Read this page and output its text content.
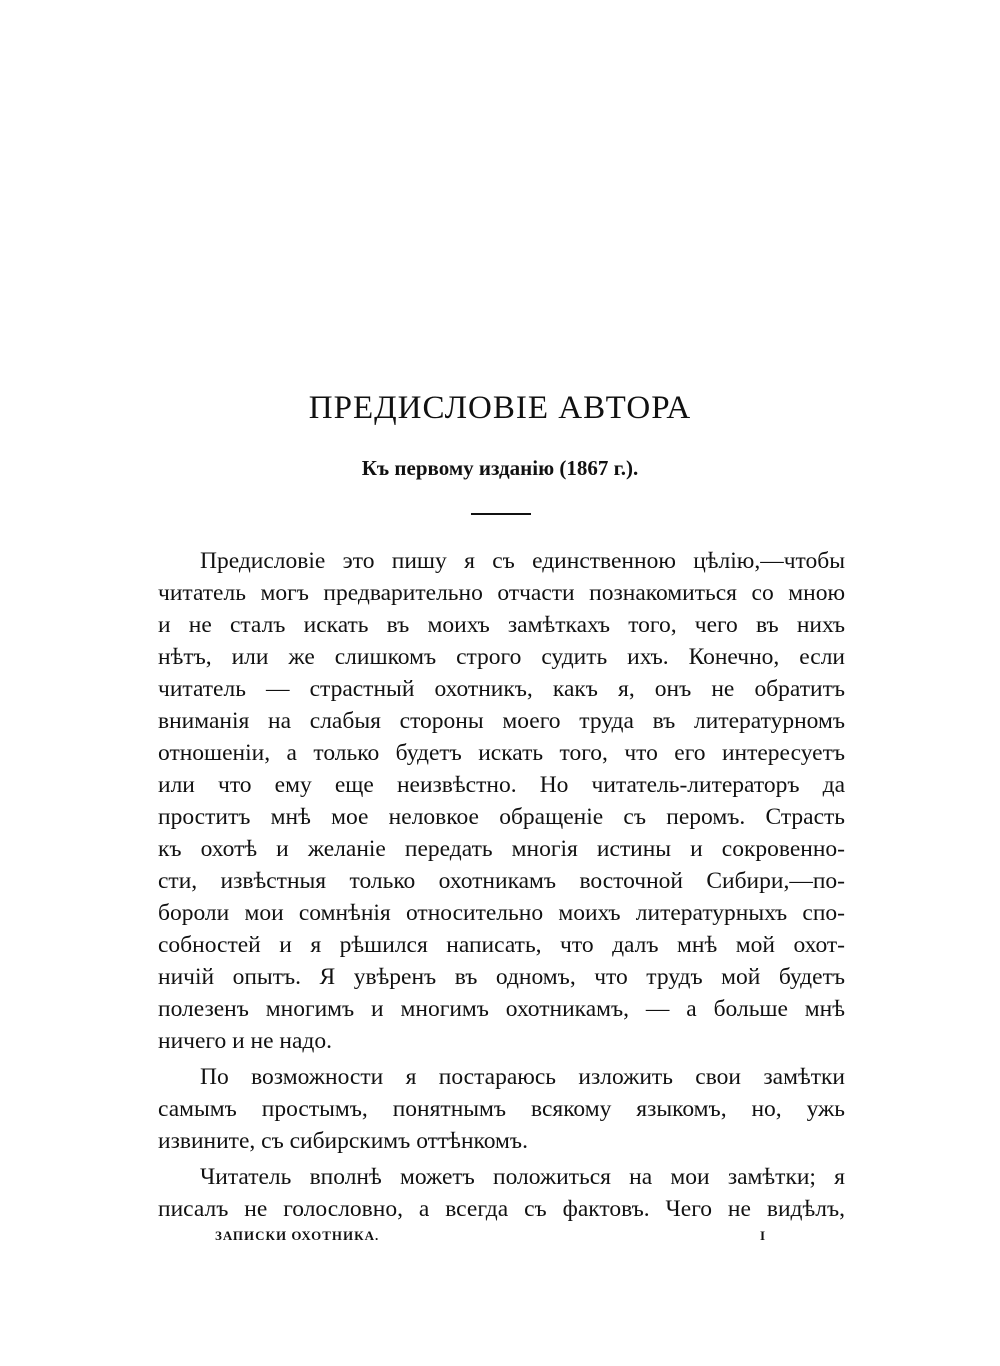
ПРЕДИСЛОВІЕ АВТОРА
Къ первому изданію (1867 г.).
Предисловіе это пишу я съ единственною цѣлію,—чтобы
читатель могъ предварительно отчасти познакомиться со мною
и не сталъ искать въ моихъ замѣткахъ того, чего въ нихъ
нѣтъ, или же слишкомъ строго судить ихъ. Конечно, если
читатель — страстный охотникъ, какъ я, онъ не обратитъ
вниманія на слабыя стороны моего труда въ литературномъ
отношеніи, а только будетъ искать того, что его интересуетъ
или что ему еще неизвѣстно. Но читатель-литераторъ да
проститъ мнѣ мое неловкое обращеніе съ перомъ. Страсть
къ охотѣ и желаніе передать многія истины и сокровенно-
сти, извѣстныя только охотникамъ восточной Сибири,—по-
бороли мои сомнѣнія относительно моихъ литературныхъ спо-
собностей и я рѣшился написать, что далъ мнѣ мой охот-
ничій опытъ. Я увѣренъ въ одномъ, что трудъ мой будетъ
полезенъ многимъ и многимъ охотникамъ, — а больше мнѣ
ничего и не надо.
По возможности я постараюсь изложить свои замѣтки
самымъ простымъ, понятнымъ всякому языкомъ, но, ужь
извините, съ сибирскимъ оттѣнкомъ.
Читатель вполнѣ можетъ положиться на мои замѣтки; я
писалъ не голословно, а всегда съ фактовъ. Чего не видѣлъ,
ЗАПИСКИ ОХОТНИКА.	I
